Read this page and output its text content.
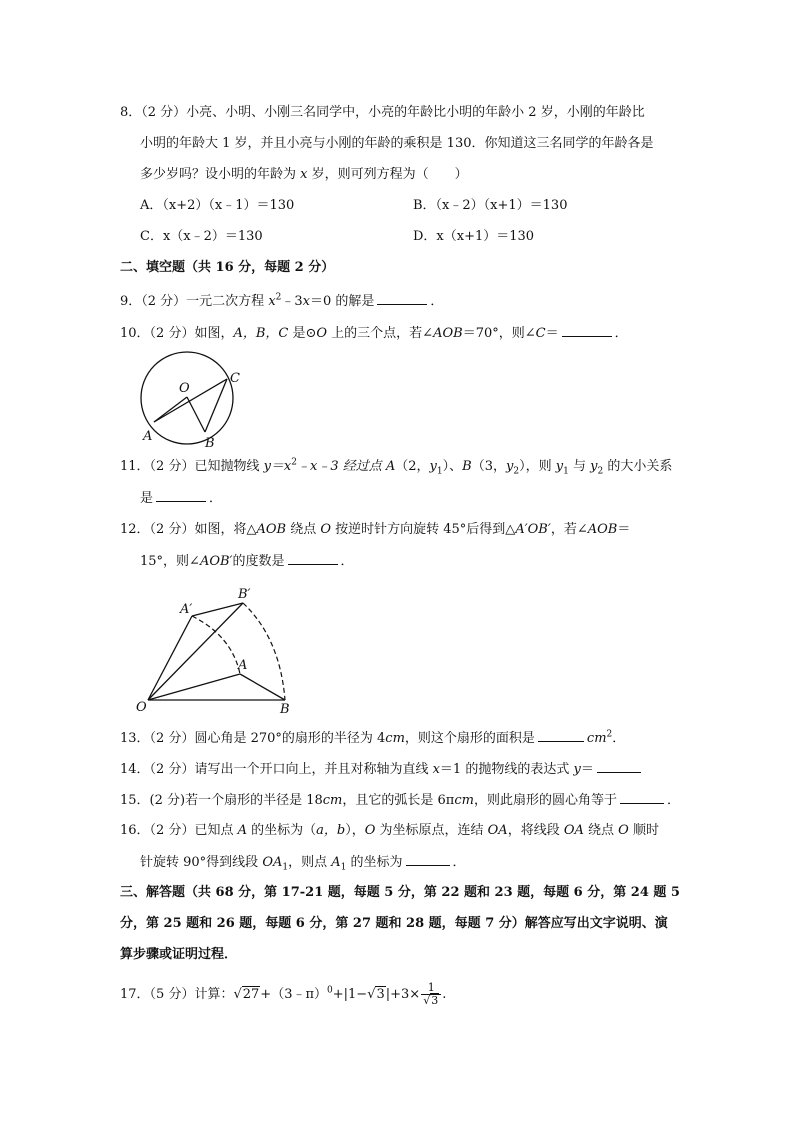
8．（2 分）小亮、小明、小刚三名同学中，小亮的年龄比小明的年龄小 2 岁，小刚的年龄比
小明的年龄大 1 岁，并且小亮与小刚的年龄的乘积是 130．你知道这三名同学的年龄各是
多少岁吗？设小明的年龄为 x 岁，则可列方程为（　　）
A．（x+2）（x﹣1）＝130	B．（x﹣2）（x+1）＝130
C．x（x﹣2）＝130	D．x（x+1）＝130
二、填空题（共 16 分，每题 2 分）
9．（2 分）一元二次方程 $x^2﹣3x=0$ 的解是	．
10．（2 分）如图，A，B，C 是⊙O 上的三个点，若∠AOB＝70°，则∠C＝	．
O
A	B
C
11．（2 分）已知抛物线 $y=x^2﹣x﹣3$ 经过点 A（2，$y_1$）、B（3，$y_2$），则 $y_1$ 与 $y_2$ 的大小关系
是	．
12．（2 分）如图，将△AOB 绕点 O 按逆时针方向旋转 45°后得到△A′OB′，若∠AOB＝
15°，则∠AOB′的度数是	．
O
A
B
A′
B′
13．（2 分）圆心角是 270°的扇形的半径为 4cm，则这个扇形的面积是	$cm^2$．
14．（2 分）请写出一个开口向上，并且对称轴为直线 x＝1 的抛物线的表达式 y＝
15．(2 分)若一个扇形的半径是 18cm，且它的弧长是 6πcm，则此扇形的圆心角等于	．
16．（2 分）已知点 A 的坐标为（a，b），O 为坐标原点，连结 OA，将线段 OA 绕点 O 顺时
针旋转 90°得到线段 $OA_1$，则点 $A_1$ 的坐标为	．
三、解答题（共 68 分，第 17-21 题，每题 5 分，第 22 题和 23 题，每题 6 分，第 24 题 5
分，第 25 题和 26 题，每题 6 分，第 27 题和 28 题，每题 7 分）解答应写出文字说明、演
算步骤或证明过程．
17．（5 分）计算：√27+（3﹣π）$^0$+|1−√3|+3× $\frac{1}{√3}$ .
